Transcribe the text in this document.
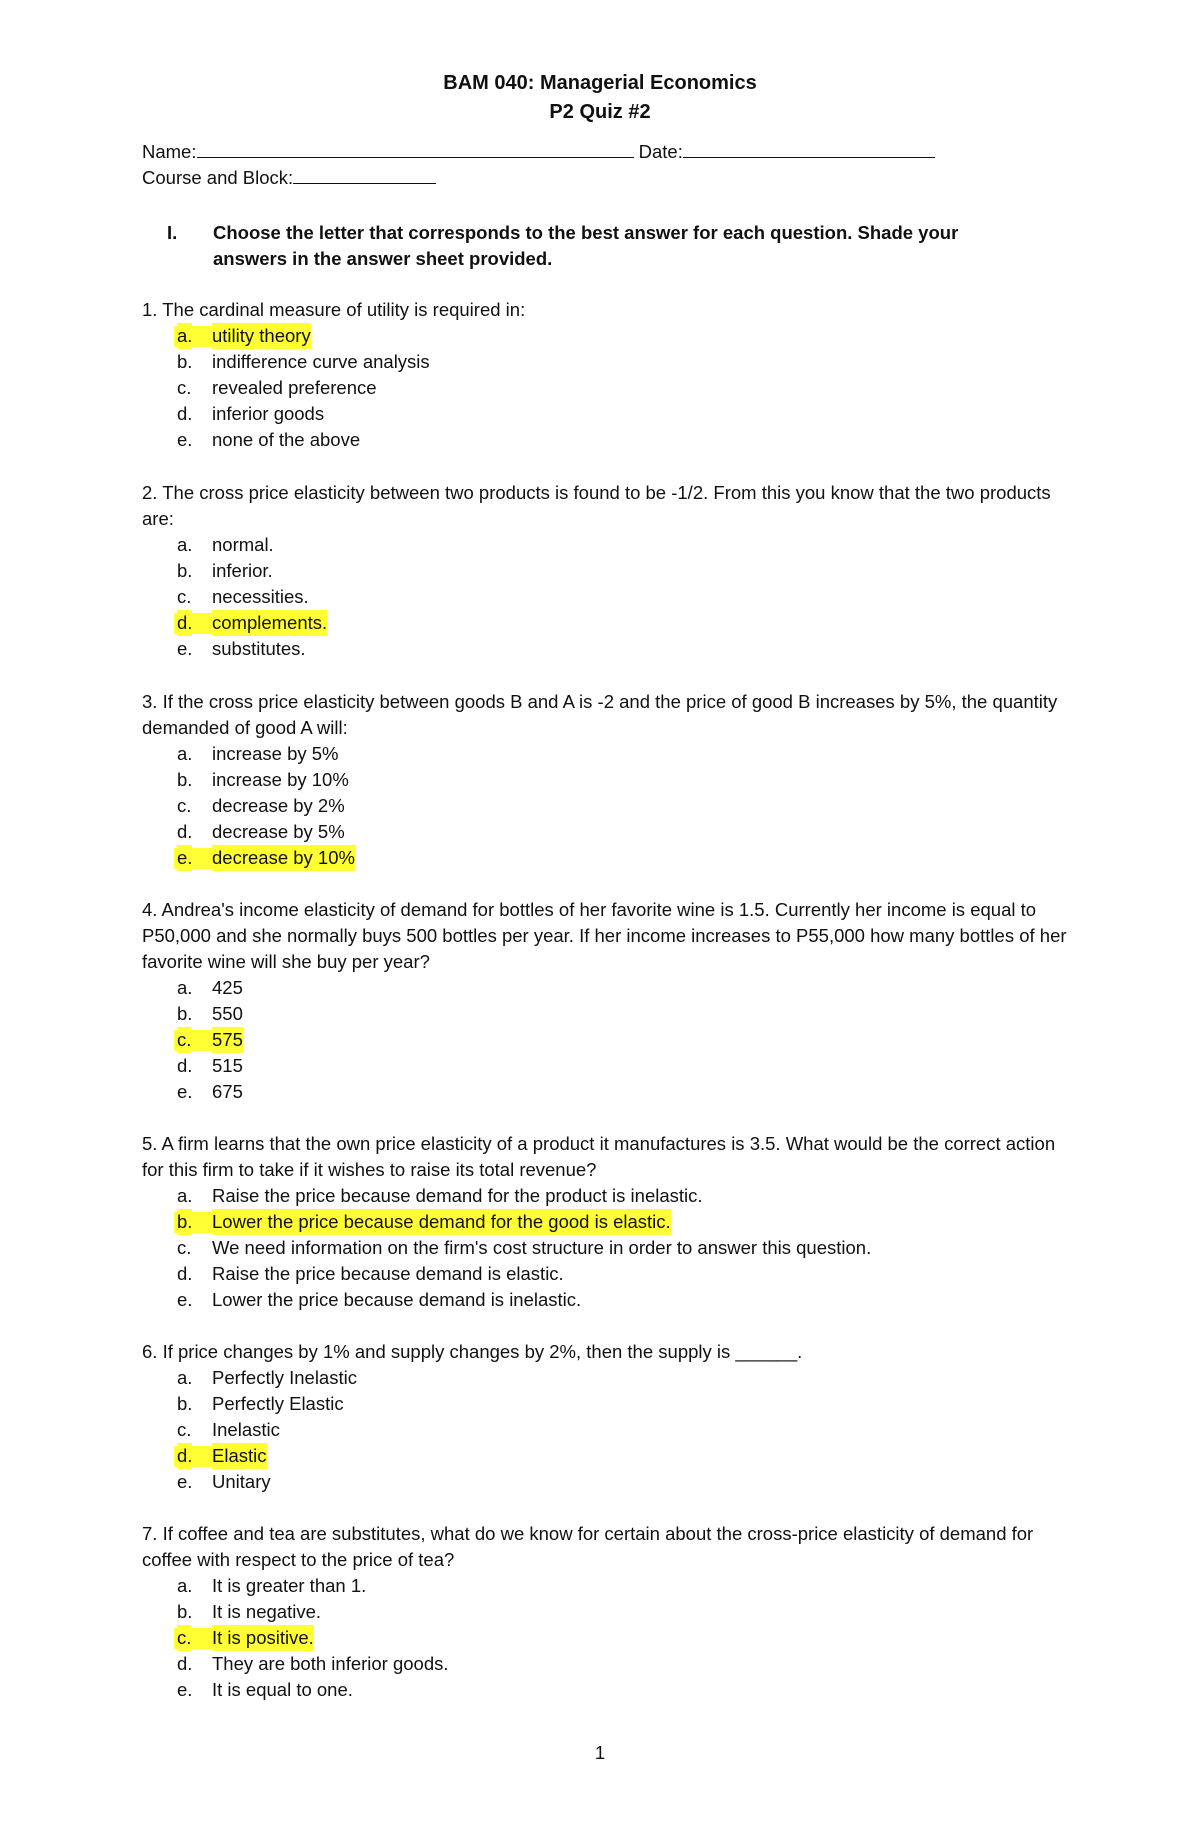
BAM 040: Managerial Economics
P2 Quiz #2
Name:	Date:
Course and Block:
I. Choose the letter that corresponds to the best answer for each question. Shade your answers in the answer sheet provided.
1. The cardinal measure of utility is required in:
a. utility theory
b. indifference curve analysis
c. revealed preference
d. inferior goods
e. none of the above
2. The cross price elasticity between two products is found to be -1/2. From this you know that the two products are:
a. normal.
b. inferior.
c. necessities.
d. complements.
e. substitutes.
3. If the cross price elasticity between goods B and A is -2 and the price of good B increases by 5%, the quantity demanded of good A will:
a. increase by 5%
b. increase by 10%
c. decrease by 2%
d. decrease by 5%
e. decrease by 10%
4. Andrea's income elasticity of demand for bottles of her favorite wine is 1.5. Currently her income is equal to P50,000 and she normally buys 500 bottles per year. If her income increases to P55,000 how many bottles of her favorite wine will she buy per year?
a. 425
b. 550
c. 575
d. 515
e. 675
5. A firm learns that the own price elasticity of a product it manufactures is 3.5. What would be the correct action for this firm to take if it wishes to raise its total revenue?
a. Raise the price because demand for the product is inelastic.
b. Lower the price because demand for the good is elastic.
c. We need information on the firm's cost structure in order to answer this question.
d. Raise the price because demand is elastic.
e. Lower the price because demand is inelastic.
6. If price changes by 1% and supply changes by 2%, then the supply is ______.
a. Perfectly Inelastic
b. Perfectly Elastic
c. Inelastic
d. Elastic
e. Unitary
7. If coffee and tea are substitutes, what do we know for certain about the cross-price elasticity of demand for coffee with respect to the price of tea?
a. It is greater than 1.
b. It is negative.
c. It is positive.
d. They are both inferior goods.
e. It is equal to one.
1
